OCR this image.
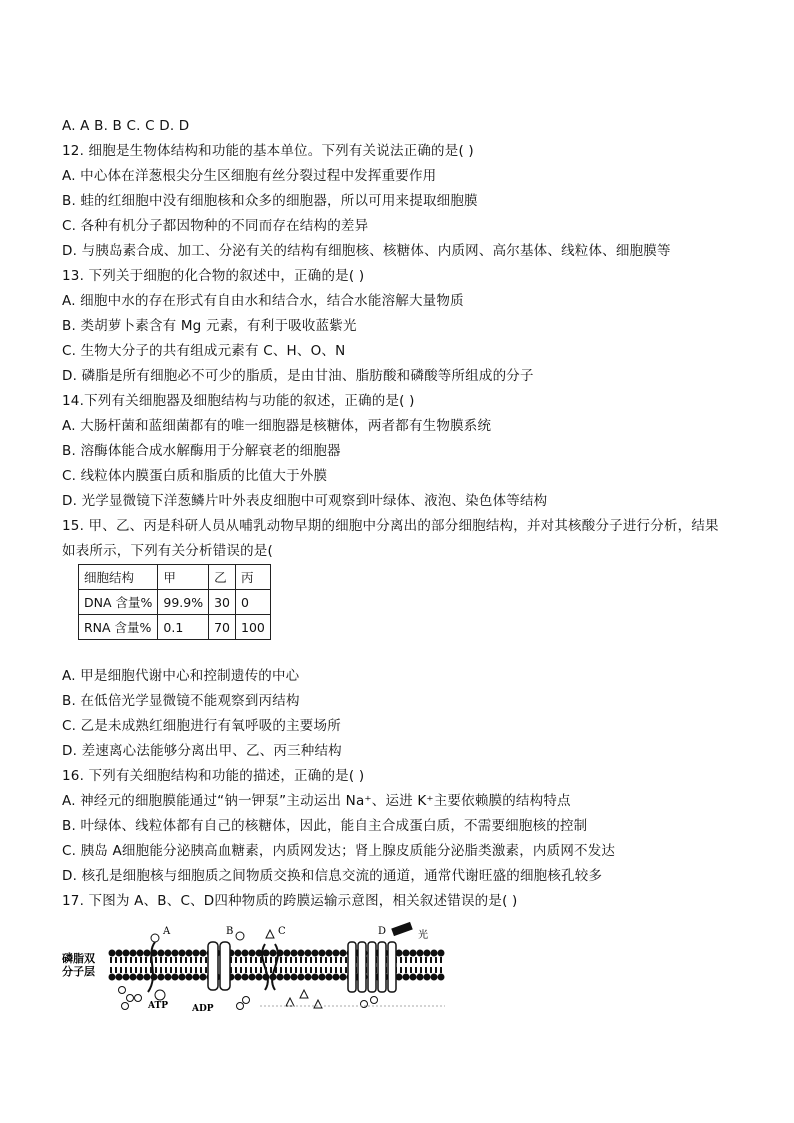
A. A B. B C. C D. D
12. 细胞是生物体结构和功能的基本单位。下列有关说法正确的是( )
A. 中心体在洋葱根尖分生区细胞有丝分裂过程中发挥重要作用
B. 蛙的红细胞中没有细胞核和众多的细胞器，所以可用来提取细胞膜
C. 各种有机分子都因物种的不同而存在结构的差异
D. 与胰岛素合成、加工、分泌有关的结构有细胞核、核糖体、内质网、高尔基体、线粒体、细胞膜等
13. 下列关于细胞的化合物的叙述中，正确的是( )
A. 细胞中水的存在形式有自由水和结合水，结合水能溶解大量物质
B. 类胡萝卜素含有 Mg 元素，有利于吸收蓝紫光
C. 生物大分子的共有组成元素有 C、H、O、N
D. 磷脂是所有细胞必不可少的脂质，是由甘油、脂肪酸和磷酸等所组成的分子
14.下列有关细胞器及细胞结构与功能的叙述，正确的是( )
A. 大肠杆菌和蓝细菌都有的唯一细胞器是核糖体，两者都有生物膜系统
B. 溶酶体能合成水解酶用于分解衰老的细胞器
C. 线粒体内膜蛋白质和脂质的比值大于外膜
D. 光学显微镜下洋葱鳞片叶外表皮细胞中可观察到叶绿体、液泡、染色体等结构
15. 甲、乙、丙是科研人员从哺乳动物早期的细胞中分离出的部分细胞结构，并对其核酸分子进行分析，结果
如表所示，下列有关分析错误的是(
细胞结构	甲	乙	丙
DNA 含量%	99.9%	30	0
RNA 含量%	0.1	70	100
A. 甲是细胞代谢中心和控制遗传的中心
B. 在低倍光学显微镜不能观察到丙结构
C. 乙是未成熟红细胞进行有氧呼吸的主要场所
D. 差速离心法能够分离出甲、乙、丙三种结构
16. 下列有关细胞结构和功能的描述，正确的是( )
A. 神经元的细胞膜能通过“钠一钾泵”主动运出 Na⁺、运进 K⁺主要依赖膜的结构特点
B. 叶绿体、线粒体都有自己的核糖体，因此，能自主合成蛋白质，不需要细胞核的控制
C. 胰岛 A细胞能分泌胰高血糖素，内质网发达；肾上腺皮质能分泌脂类激素，内质网不发达
D. 核孔是细胞核与细胞质之间物质交换和信息交流的通道，通常代谢旺盛的细胞核孔较多
17. 下图为 A、B、C、D四种物质的跨膜运输示意图，相关叙述错误的是( )
磷脂双
分子层
A
ATP	ADP
B	C	D	光
